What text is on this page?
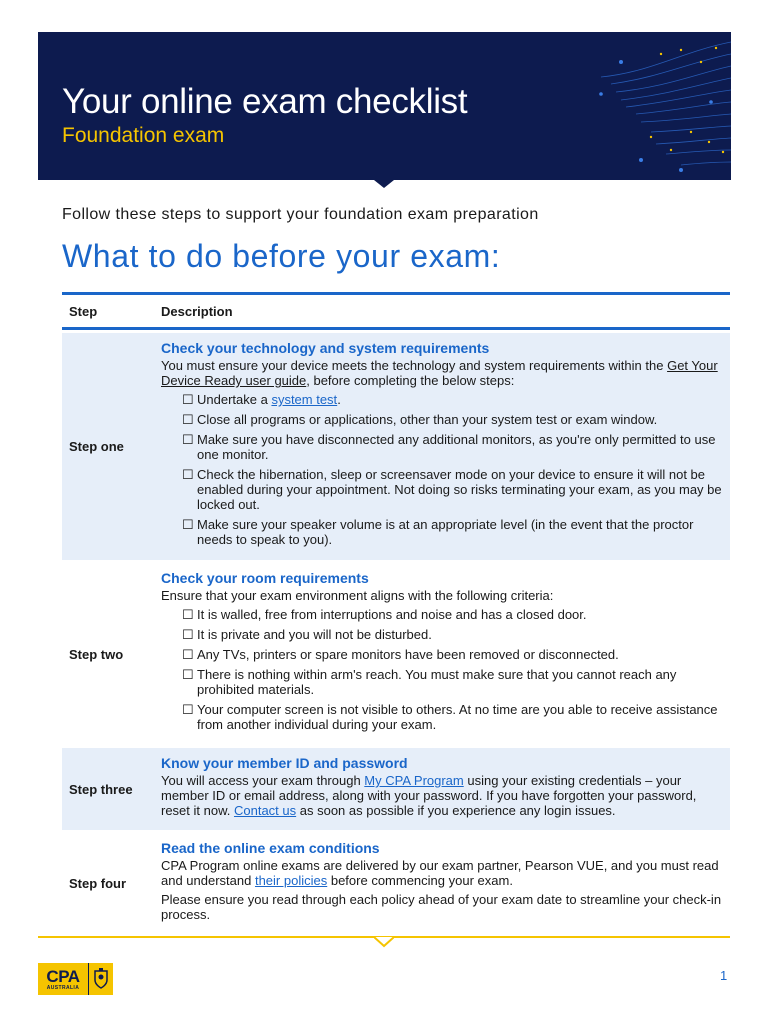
Your online exam checklist
Foundation exam
Follow these steps to support your foundation exam preparation
What to do before your exam:
Step	Description
Step one
Check your technology and system requirements
You must ensure your device meets the technology and system requirements within the Get Your Device Ready user guide, before completing the below steps:
☐ Undertake a system test.
☐ Close all programs or applications, other than your system test or exam window.
☐ Make sure you have disconnected any additional monitors, as you're only permitted to use one monitor.
☐ Check the hibernation, sleep or screensaver mode on your device to ensure it will not be enabled during your appointment. Not doing so risks terminating your exam, as you may be locked out.
☐ Make sure your speaker volume is at an appropriate level (in the event that the proctor needs to speak to you).
Step two
Check your room requirements
Ensure that your exam environment aligns with the following criteria:
☐ It is walled, free from interruptions and noise and has a closed door.
☐ It is private and you will not be disturbed.
☐ Any TVs, printers or spare monitors have been removed or disconnected.
☐ There is nothing within arm's reach. You must make sure that you cannot reach any prohibited materials.
☐ Your computer screen is not visible to others. At no time are you able to receive assistance from another individual during your exam.
Step three
Know your member ID and password
You will access your exam through My CPA Program using your existing credentials – your member ID or email address, along with your password. If you have forgotten your password, reset it now. Contact us as soon as possible if you experience any login issues.
Step four
Read the online exam conditions
CPA Program online exams are delivered by our exam partner, Pearson VUE, and you must read and understand their policies before commencing your exam.
Please ensure you read through each policy ahead of your exam date to streamline your check-in process.
CPA
AUSTRALIA
1
